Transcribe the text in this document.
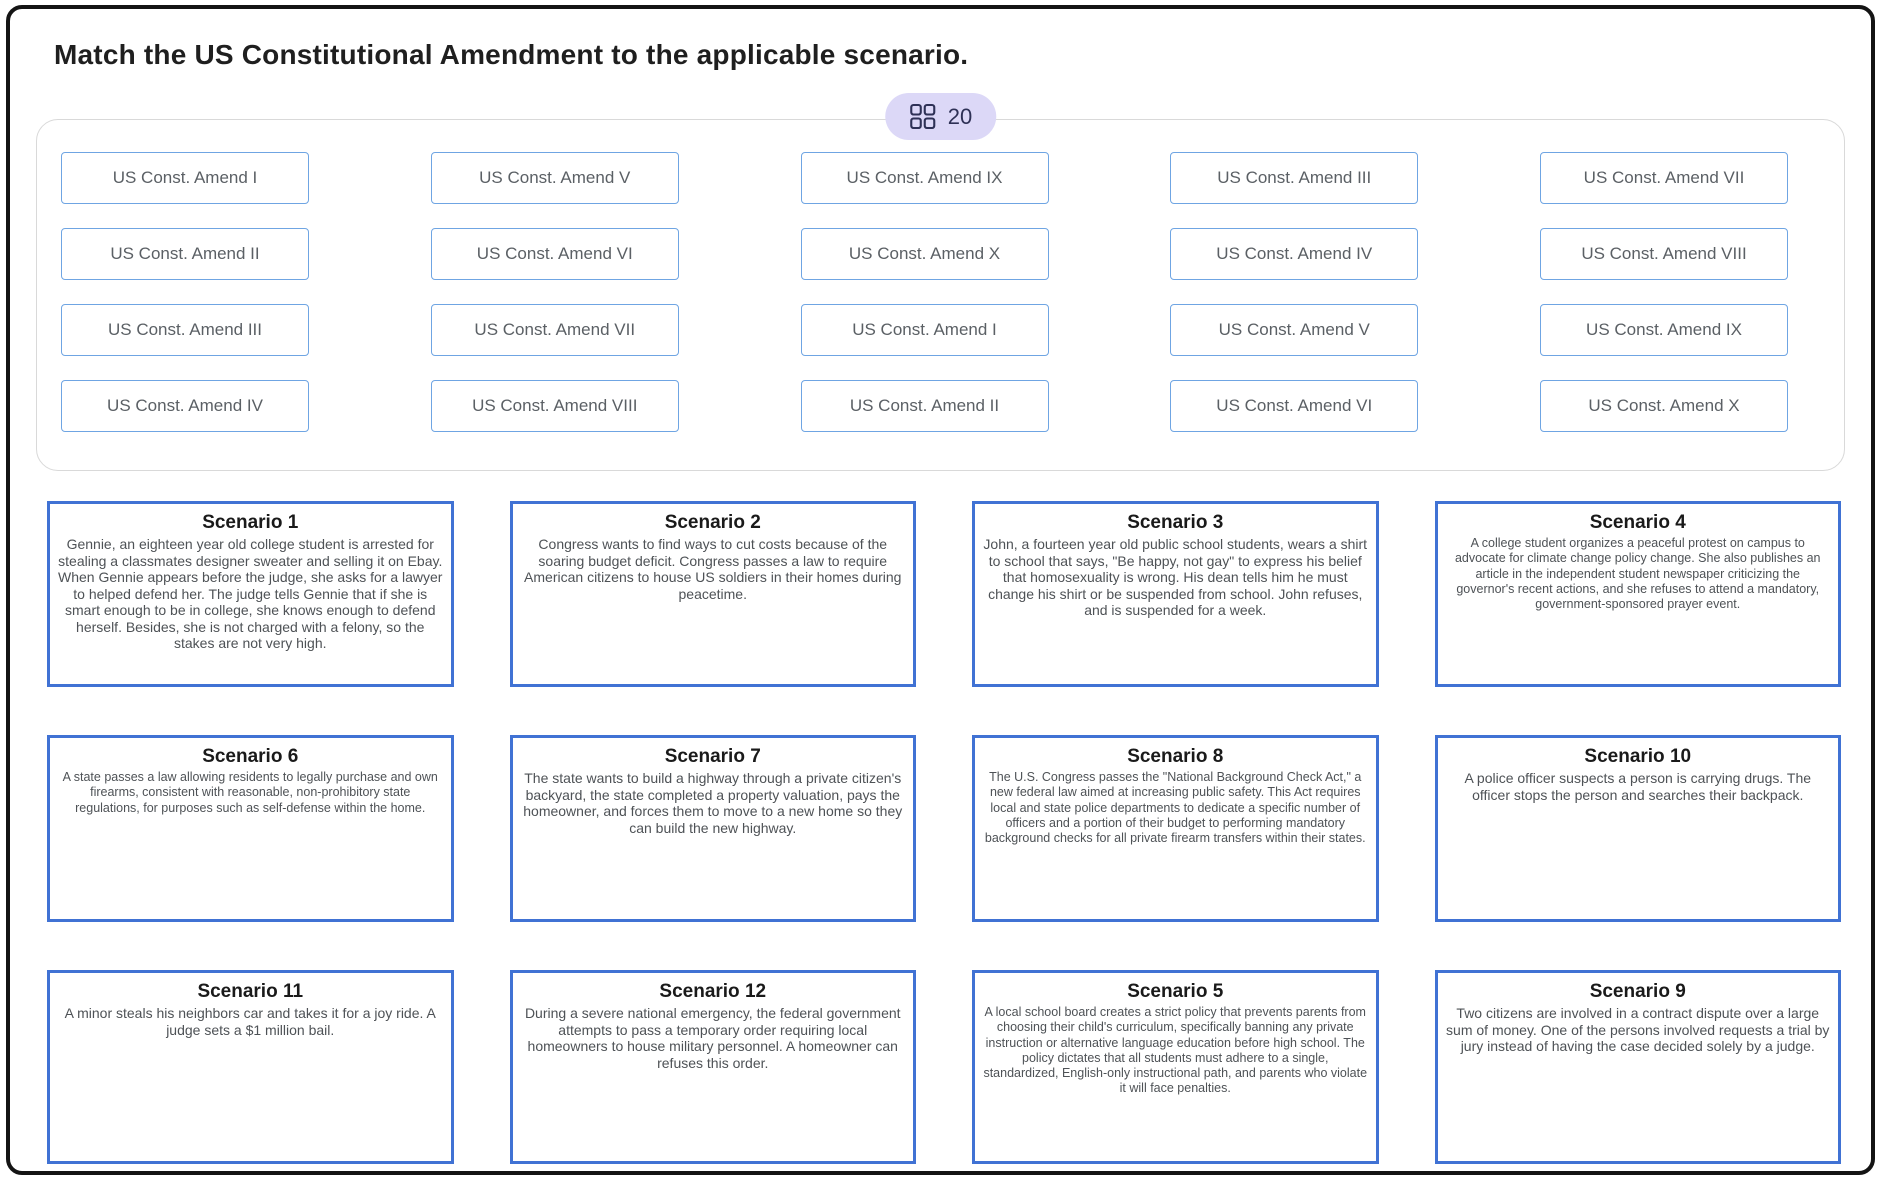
Match the US Constitutional Amendment to the applicable scenario.
20
US Const. Amend I	US Const. Amend V	US Const. Amend IX	US Const. Amend III	US Const. Amend VII
US Const. Amend II	US Const. Amend VI	US Const. Amend X	US Const. Amend IV	US Const. Amend VIII
US Const. Amend III	US Const. Amend VII	US Const. Amend I	US Const. Amend V	US Const. Amend IX
US Const. Amend IV	US Const. Amend VIII	US Const. Amend II	US Const. Amend VI	US Const. Amend X
Scenario 1
Gennie, an eighteen year old college student is arrested for stealing a classmates designer sweater and selling it on Ebay. When Gennie appears before the judge, she asks for a lawyer to helped defend her. The judge tells Gennie that if she is smart enough to be in college, she knows enough to defend herself. Besides, she is not charged with a felony, so the stakes are not very high.
Scenario 2
Congress wants to find ways to cut costs because of the soaring budget deficit. Congress passes a law to require American citizens to house US soldiers in their homes during peacetime.
Scenario 3
John, a fourteen year old public school students, wears a shirt to school that says, "Be happy, not gay" to express his belief that homosexuality is wrong. His dean tells him he must change his shirt or be suspended from school. John refuses, and is suspended for a week.
Scenario 4
A college student organizes a peaceful protest on campus to advocate for climate change policy change. She also publishes an article in the independent student newspaper criticizing the governor's recent actions, and she refuses to attend a mandatory, government-sponsored prayer event.
Scenario 6
A state passes a law allowing residents to legally purchase and own firearms, consistent with reasonable, non-prohibitory state regulations, for purposes such as self-defense within the home.
Scenario 7
The state wants to build a highway through a private citizen's backyard, the state completed a property valuation, pays the homeowner, and forces them to move to a new home so they can build the new highway.
Scenario 8
The U.S. Congress passes the "National Background Check Act," a new federal law aimed at increasing public safety. This Act requires local and state police departments to dedicate a specific number of officers and a portion of their budget to performing mandatory background checks for all private firearm transfers within their states.
Scenario 10
A police officer suspects a person is carrying drugs. The officer stops the person and searches their backpack.
Scenario 11
A minor steals his neighbors car and takes it for a joy ride. A judge sets a $1 million bail.
Scenario 12
During a severe national emergency, the federal government attempts to pass a temporary order requiring local homeowners to house military personnel. A homeowner can refuses this order.
Scenario 5
A local school board creates a strict policy that prevents parents from choosing their child's curriculum, specifically banning any private instruction or alternative language education before high school. The policy dictates that all students must adhere to a single, standardized, English-only instructional path, and parents who violate it will face penalties.
Scenario 9
Two citizens are involved in a contract dispute over a large sum of money. One of the persons involved requests a trial by jury instead of having the case decided solely by a judge.
